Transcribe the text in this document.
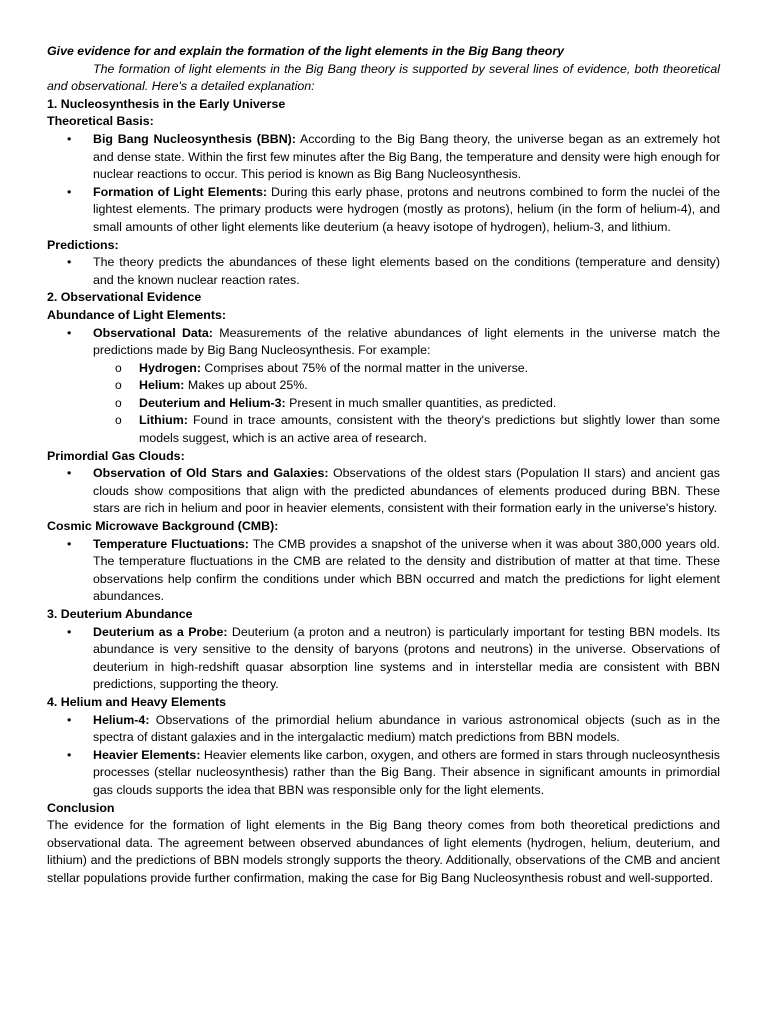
Give evidence for and explain the formation of the light elements in the Big Bang theory

The formation of light elements in the Big Bang theory is supported by several lines of evidence, both theoretical and observational. Here's a detailed explanation:

1. Nucleosynthesis in the Early Universe

Theoretical Basis:

• Big Bang Nucleosynthesis (BBN): According to the Big Bang theory, the universe began as an extremely hot and dense state. Within the first few minutes after the Big Bang, the temperature and density were high enough for nuclear reactions to occur. This period is known as Big Bang Nucleosynthesis.
• Formation of Light Elements: During this early phase, protons and neutrons combined to form the nuclei of the lightest elements. The primary products were hydrogen (mostly as protons), helium (in the form of helium-4), and small amounts of other light elements like deuterium (a heavy isotope of hydrogen), helium-3, and lithium.

Predictions:

• The theory predicts the abundances of these light elements based on the conditions (temperature and density) and the known nuclear reaction rates.

2. Observational Evidence

Abundance of Light Elements:

• Observational Data: Measurements of the relative abundances of light elements in the universe match the predictions made by Big Bang Nucleosynthesis. For example:
o Hydrogen: Comprises about 75% of the normal matter in the universe.
o Helium: Makes up about 25%.
o Deuterium and Helium-3: Present in much smaller quantities, as predicted.
o Lithium: Found in trace amounts, consistent with the theory's predictions but slightly lower than some models suggest, which is an active area of research.

Primordial Gas Clouds:

• Observation of Old Stars and Galaxies: Observations of the oldest stars (Population II stars) and ancient gas clouds show compositions that align with the predicted abundances of elements produced during BBN. These stars are rich in helium and poor in heavier elements, consistent with their formation early in the universe's history.

Cosmic Microwave Background (CMB):

• Temperature Fluctuations: The CMB provides a snapshot of the universe when it was about 380,000 years old. The temperature fluctuations in the CMB are related to the density and distribution of matter at that time. These observations help confirm the conditions under which BBN occurred and match the predictions for light element abundances.

3. Deuterium Abundance

• Deuterium as a Probe: Deuterium (a proton and a neutron) is particularly important for testing BBN models. Its abundance is very sensitive to the density of baryons (protons and neutrons) in the universe. Observations of deuterium in high-redshift quasar absorption line systems and in interstellar media are consistent with BBN predictions, supporting the theory.

4. Helium and Heavy Elements

• Helium-4: Observations of the primordial helium abundance in various astronomical objects (such as in the spectra of distant galaxies and in the intergalactic medium) match predictions from BBN models.
• Heavier Elements: Heavier elements like carbon, oxygen, and others are formed in stars through nucleosynthesis processes (stellar nucleosynthesis) rather than the Big Bang. Their absence in significant amounts in primordial gas clouds supports the idea that BBN was responsible only for the light elements.

Conclusion

The evidence for the formation of light elements in the Big Bang theory comes from both theoretical predictions and observational data. The agreement between observed abundances of light elements (hydrogen, helium, deuterium, and lithium) and the predictions of BBN models strongly supports the theory. Additionally, observations of the CMB and ancient stellar populations provide further confirmation, making the case for Big Bang Nucleosynthesis robust and well-supported.
